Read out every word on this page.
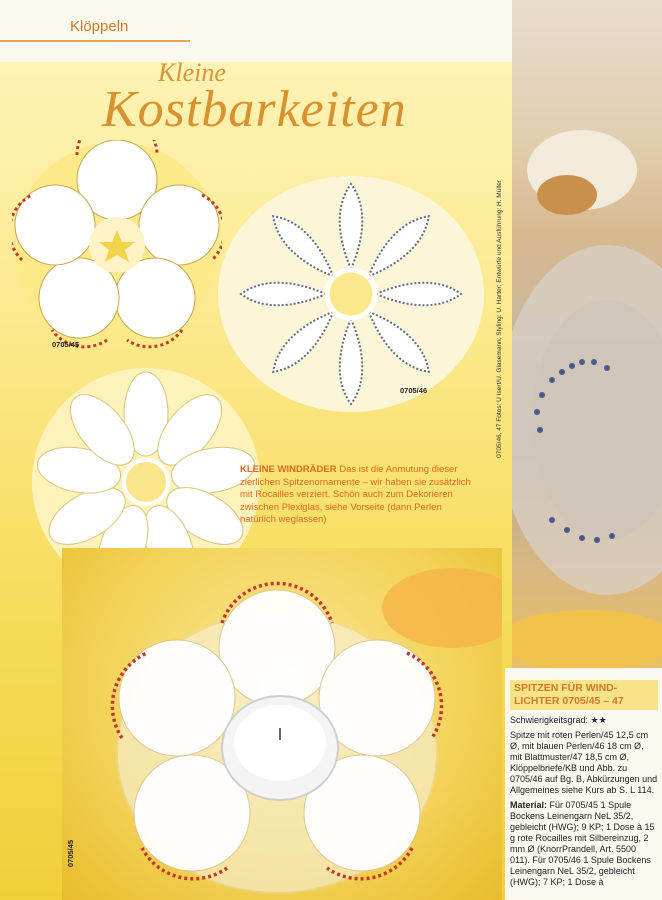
Klöppeln
Kleine
Kostbarkeiten
0705/45
0705/46	0705/46, 47 Fotos: U Isert/U. Glasemann; Styling: U. Harter; Entwürfe und Ausführung: H. Müller
KLEINE WINDRÄDER Das ist die Anmutung dieser zierlichen Spitzenornamente – wir haben sie zusätzlich mit Rocailles verziert. Schön auch zum Dekorieren zwischen Plexiglas, siehe Vorseite (dann Perlen natürlich weglassen)
0705/45
SPITZEN FÜR WIND-LICHTER 0705/45 – 47
Schwierigkeitsgrad: ★★
Spitze mit roten Perlen/45 12,5 cm Ø, mit blauen Perlen/46 18 cm Ø, mit Blattmuster/47 18,5 cm Ø, Klöppelbriefe/KB und Abb. zu 0705/46 auf Bg. B, Abkürzungen und Allgemeines siehe Kurs ab S. L 114.
Material: Für 0705/45 1 Spule Bockens Leinengarn NeL 35/2, gebleicht (HWG); 9 KP; 1 Dose à 15 g rote Rocailles mit Silbereinzug, 2 mm Ø (KnorrPrandell, Art. 5500 011). Für 0705/46 1 Spule Bockens Leinengarn NeL 35/2, gebleicht (HWG); 7 KP; 1 Dose à
